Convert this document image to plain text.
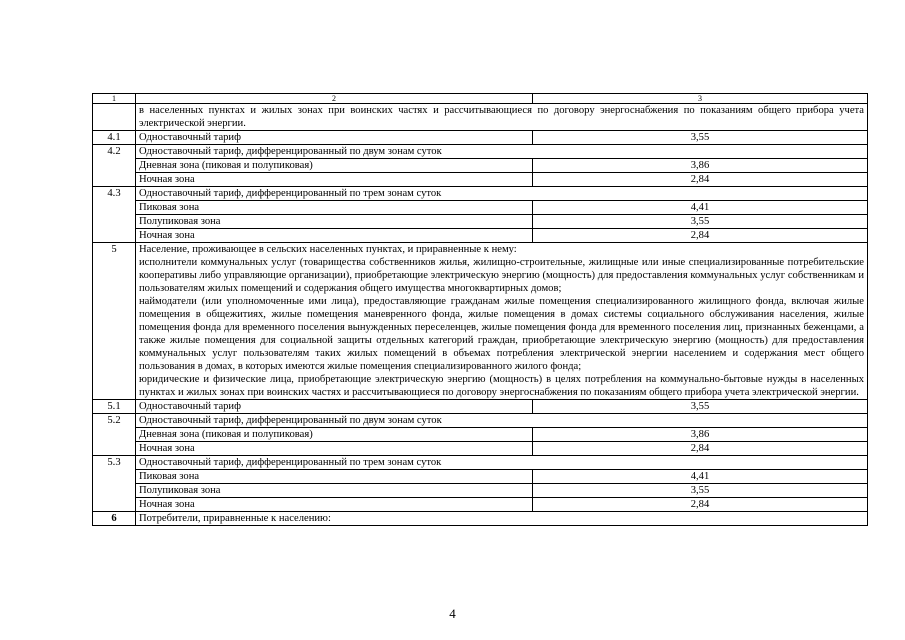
1	2	3
	в населенных пунктах и жилых зонах при воинских частях и рассчитывающиеся по договору энергоснабжения по показаниям общего прибора учета электрической энергии.	
4.1	Одноставочный тариф	3,55
4.2	Одноставочный тариф, дифференцированный по двум зонам суток	
	Дневная зона (пиковая и полупиковая)	3,86
	Ночная зона	2,84
4.3	Одноставочный тариф, дифференцированный по трем зонам суток	
	Пиковая зона	4,41
	Полупиковая зона	3,55
	Ночная зона	2,84
5	Население, проживающее в сельских населенных пунктах, и приравненные к нему:
исполнители коммунальных услуг (товарищества собственников жилья, жилищно-строительные, жилищные или иные специализированные потребительские кооперативы либо управляющие организации), приобретающие электрическую энергию (мощность) для предоставления коммунальных услуг собственникам и пользователям жилых помещений и содержания общего имущества многоквартирных домов;
наймодатели (или уполномоченные ими лица), предоставляющие гражданам жилые помещения специализированного жилищного фонда, включая жилые помещения в общежитиях, жилые помещения маневренного фонда, жилые помещения в домах системы социального обслуживания населения, жилые помещения фонда для временного поселения вынужденных переселенцев, жилые помещения фонда для временного поселения лиц, признанных беженцами, а также жилые помещения для социальной защиты отдельных категорий граждан, приобретающие электрическую энергию (мощность) для предоставления коммунальных услуг пользователям таких жилых помещений в объемах потребления электрической энергии населением и содержания мест общего пользования в домах, в которых имеются жилые помещения специализированного жилого фонда;
юридические и физические лица, приобретающие электрическую энергию (мощность) в целях потребления на коммунально-бытовые нужды в населенных пунктах и жилых зонах при воинских частях и рассчитывающиеся по договору энергоснабжения по показаниям общего прибора учета электрической энергии.	

5.1	Одноставочный тариф	3,55
5.2	Одноставочный тариф, дифференцированный по двум зонам суток	
	Дневная зона (пиковая и полупиковая)	3,86
	Ночная зона	2,84
5.3	Одноставочный тариф, дифференцированный по трем зонам суток	
	Пиковая зона	4,41
	Полупиковая зона	3,55
	Ночная зона	2,84
6	Потребители, приравненные к населению:	
4
